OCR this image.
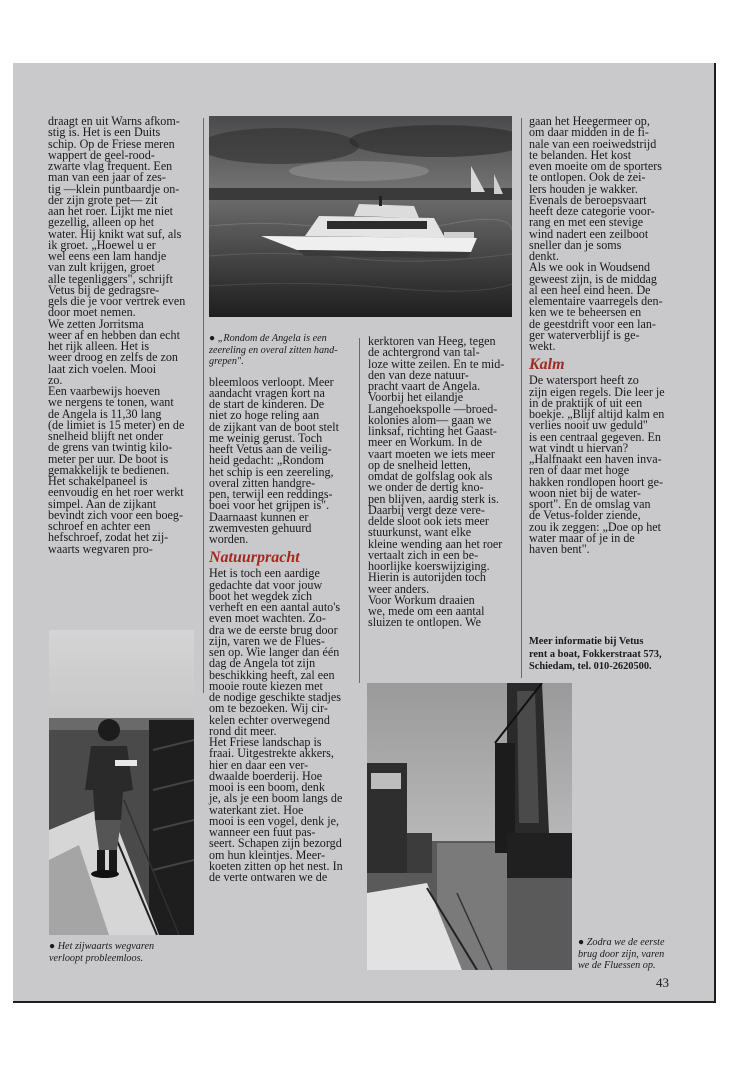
draagt en uit Warns afkom-
stig is. Het is een Duits
schip. Op de Friese meren
wappert de geel-rood-
zwarte vlag frequent. Een
man van een jaar of zes-
tig —klein puntbaardje on-
der zijn grote pet— zit
aan het roer. Lijkt me niet
gezellig, alleen op het
water. Hij knikt wat suf, als
ik groet. „Hoewel u er
wel eens een lam handje
van zult krijgen, groet
alle tegenliggers", schrijft
Vetus bij de gedragsre-
gels die je voor vertrek even
door moet nemen.
We zetten Jorritsma
weer af en hebben dan echt
het rijk alleen. Het is
weer droog en zelfs de zon
laat zich voelen. Mooi
zo.

Een vaarbewijs hoeven
we nergens te tonen, want
de Angela is 11,30 lang
(de limiet is 15 meter) en de
snelheid blijft net onder
de grens van twintig kilo-
meter per uur. De boot is
gemakkelijk te bedienen.
Het schakelpaneel is
eenvoudig en het roer werkt
simpel. Aan de zijkant
bevindt zich voor een boeg-
schroef en achter een
hefschroef, zodat het zij-
waarts wegvaren pro-

● „Rondom de Angela is een
zeereling en overal zitten hand-
grepen".

bleemloos verloopt. Meer
aandacht vragen kort na
de start de kinderen. De
niet zo hoge reling aan
de zijkant van de boot stelt
me weinig gerust. Toch
heeft Vetus aan de veilig-
heid gedacht: „Rondom
het schip is een zeereling,
overal zitten handgre-
pen, terwijl een reddings-
boei voor het grijpen is".
Daarnaast kunnen er
zwemvesten gehuurd
worden.

Natuurpracht

Het is toch een aardige
gedachte dat voor jouw
boot het wegdek zich
verheft en een aantal auto's
even moet wachten. Zo-
dra we de eerste brug door
zijn, varen we de Flues-
sen op. Wie langer dan één
dag de Angela tot zijn
beschikking heeft, zal een
mooie route kiezen met
de nodige geschikte stadjes
om te bezoeken. Wij cir-
kelen echter overwegend
rond dit meer.

Het Friese landschap is
fraai. Uitgestrekte akkers,
hier en daar een ver-
dwaalde boerderij. Hoe
mooi is een boom, denk
je, als je een boom langs de
waterkant ziet. Hoe
mooi is een vogel, denk je,
wanneer een fuut pas-
seert. Schapen zijn bezorgd
om hun kleintjes. Meer-
koeten zitten op het nest. In
de verte ontwaren we de

kerktoren van Heeg, tegen
de achtergrond van tal-
loze witte zeilen. En te mid-
den van deze natuur-
pracht vaart de Angela.
Voorbij het eilandje
Langehoekspolle —broed-
kolonies alom— gaan we
linksaf, richting het Gaast-
meer en Workum. In de
vaart moeten we iets meer
op de snelheid letten,
omdat de golfslag ook als
we onder de dertig kno-
pen blijven, aardig sterk is.
Daarbij vergt deze vere-
delde sloot ook iets meer
stuurkunst, want elke
kleine wending aan het roer
vertaalt zich in een be-
hoorlijke koerswijziging.
Hierin is autorijden toch
weer anders.

Voor Workum draaien
we, mede om een aantal
sluizen te ontlopen. We

gaan het Heegermeer op,
om daar midden in de fi-
nale van een roeiwedstrijd
te belanden. Het kost
even moeite om de sporters
te ontlopen. Ook de zei-
lers houden je wakker.
Evenals de beroepsvaart
heeft deze categorie voor-
rang en met een stevige
wind nadert een zeilboot
sneller dan je soms
denkt.

Als we ook in Woudsend
geweest zijn, is de middag
al een heel eind heen. De
elementaire vaarregels den-
ken we te beheersen en
de geestdrift voor een lan-
ger waterverblijf is ge-
wekt.

Kalm

De watersport heeft zo
zijn eigen regels. Die leer je
in de praktijk of uit een
boekje. „Blijf altijd kalm en
verlies nooit uw geduld"
is een centraal gegeven. En
wat vindt u hiervan?
„Halfnaakt een haven inva-
ren of daar met hoge
hakken rondlopen hoort ge-
woon niet bij de water-
sport". En de omslag van
de Vetus-folder ziende,
zou ik zeggen: „Doe op het
water maar of je in de
haven bent".

Meer informatie bij Vetus
rent a boat, Fokkerstraat 573,
Schiedam, tel. 010-2620500.
● Het zijwaarts wegvaren
verloopt probleemloos.
● Zodra we de eerste
brug door zijn, varen
we de Fluessen op.
43
